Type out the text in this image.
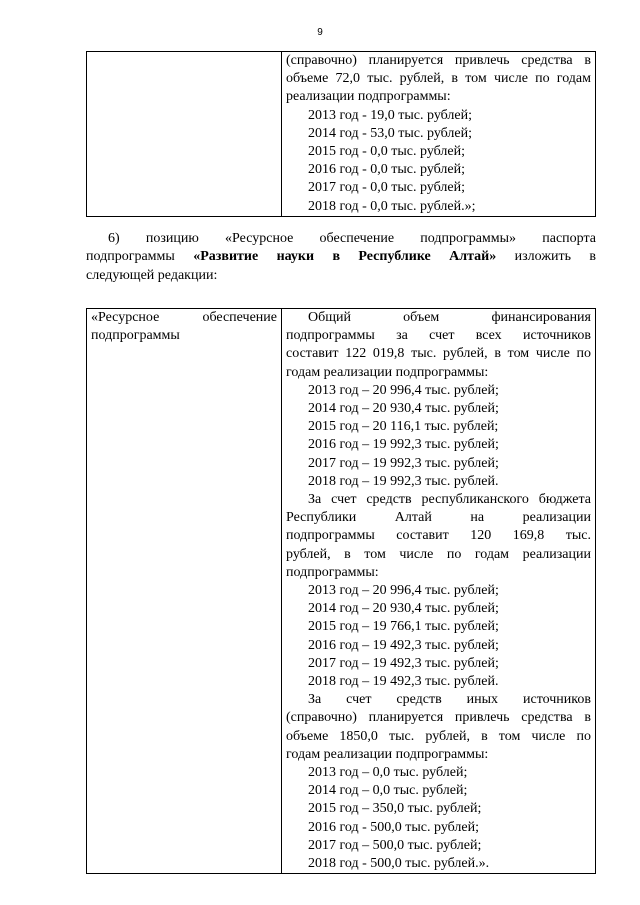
9

(справочно) планируется привлечь средства в
объеме 72,0 тыс. рублей, в том числе по годам
реализации подпрограммы:
2013 год - 19,0 тыс. рублей;
2014 год - 53,0 тыс. рублей;
2015 год - 0,0 тыс. рублей;
2016 год - 0,0 тыс. рублей;
2017 год - 0,0 тыс. рублей;
2018 год - 0,0 тыс. рублей.»;
6) позицию «Ресурсное обеспечение подпрограммы» паспорта
подпрограммы «Развитие науки в Республике Алтай» изложить в
следующей редакции:
«Ресурсное обеспечение
подпрограммы

Общий объем финансирования
подпрограммы за счет всех источников
составит 122 019,8 тыс. рублей, в том числе по
годам реализации подпрограммы:
2013 год – 20 996,4 тыс. рублей;
2014 год – 20 930,4 тыс. рублей;
2015 год – 20 116,1 тыс. рублей;
2016 год – 19 992,3 тыс. рублей;
2017 год – 19 992,3 тыс. рублей;
2018 год – 19 992,3 тыс. рублей.
За счет средств республиканского бюджета
Республики Алтай на реализации
подпрограммы составит 120 169,8 тыс.
рублей, в том числе по годам реализации
подпрограммы:
2013 год – 20 996,4 тыс. рублей;
2014 год – 20 930,4 тыс. рублей;
2015 год – 19 766,1 тыс. рублей;
2016 год – 19 492,3 тыс. рублей;
2017 год – 19 492,3 тыс. рублей;
2018 год – 19 492,3 тыс. рублей.
За счет средств иных источников
(справочно) планируется привлечь средства в
объеме 1850,0 тыс. рублей, в том числе по
годам реализации подпрограммы:
2013 год – 0,0 тыс. рублей;
2014 год – 0,0 тыс. рублей;
2015 год – 350,0 тыс. рублей;
2016 год - 500,0 тыс. рублей;
2017 год – 500,0 тыс. рублей;
2018 год - 500,0 тыс. рублей.».
